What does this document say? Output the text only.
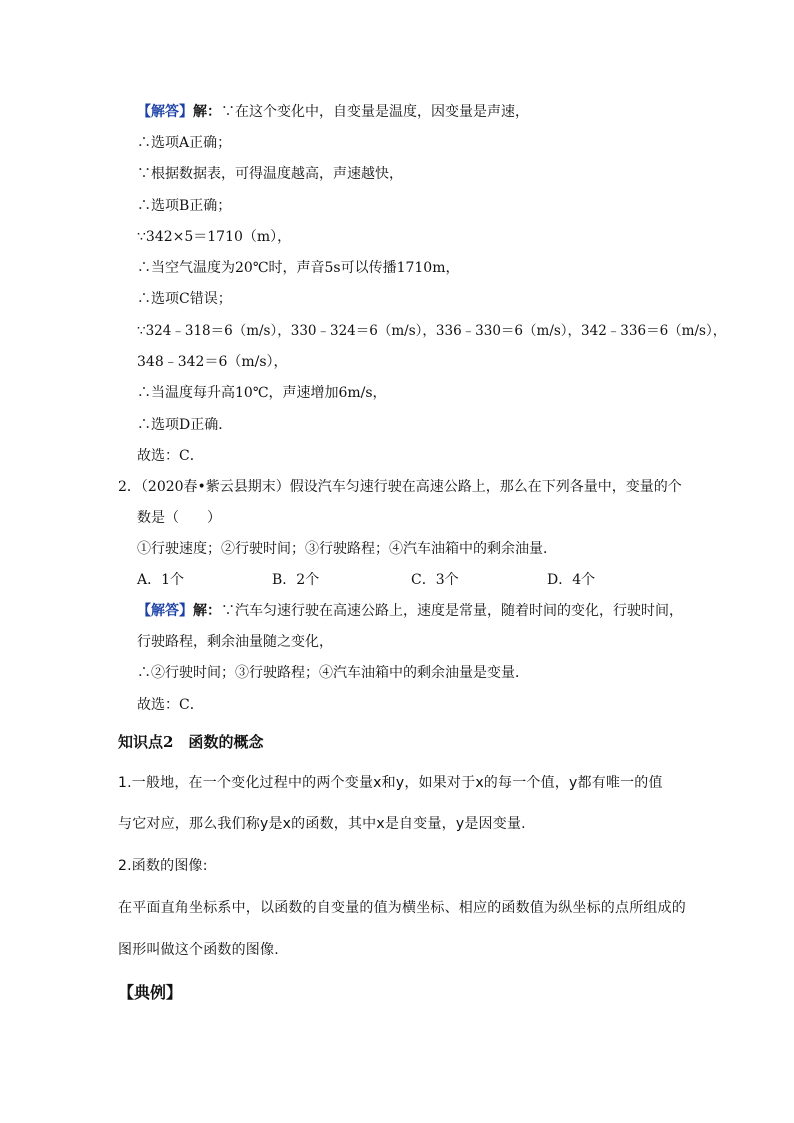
【解答】解：∵在这个变化中，自变量是温度，因变量是声速，
∴选项A正确；
∵根据数据表，可得温度越高，声速越快，
∴选项B正确；
∵342×5＝1710（m），
∴当空气温度为20℃时，声音5s可以传播1710m，
∴选项C错误；
∵324﹣318＝6（m/s），330﹣324＝6（m/s），336﹣330＝6（m/s），342﹣336＝6（m/s），
348﹣342＝6（m/s），
∴当温度每升高10℃，声速增加6m/s，
∴选项D正确．
故选：C．
2．（2020春•紫云县期末）假设汽车匀速行驶在高速公路上，那么在下列各量中，变量的个
数是（　　）
①行驶速度；②行驶时间；③行驶路程；④汽车油箱中的剩余油量．
A．1个	B．2个	C．3个	D．4个
【解答】解：∵汽车匀速行驶在高速公路上，速度是常量，随着时间的变化，行驶时间，
行驶路程，剩余油量随之变化，
∴②行驶时间；③行驶路程；④汽车油箱中的剩余油量是变量．
故选：C．
知识点2　函数的概念
1.一般地，在一个变化过程中的两个变量x和y，如果对于x的每一个值，y都有唯一的值
与它对应，那么我们称y是x的函数，其中x是自变量，y是因变量.
2.函数的图像:
在平面直角坐标系中，以函数的自变量的值为横坐标、相应的函数值为纵坐标的点所组成的
图形叫做这个函数的图像.
【典例】
